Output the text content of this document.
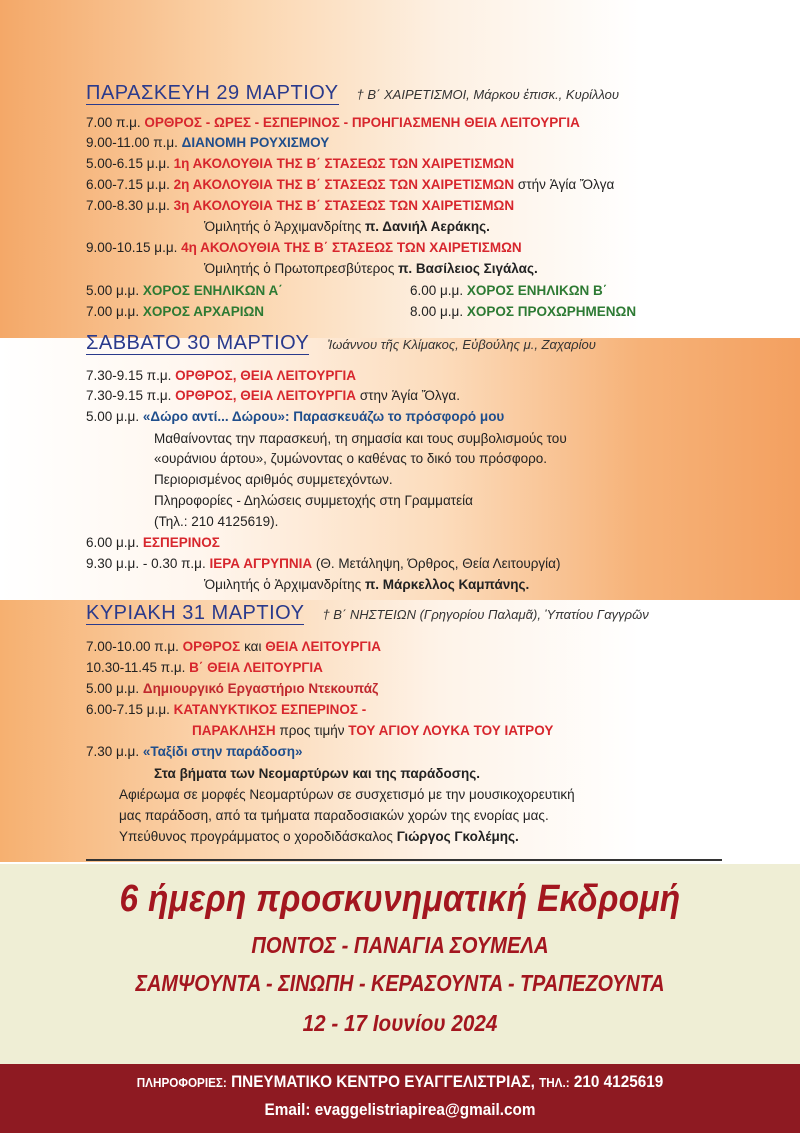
ΠΑΡΑΣΚΕΥΗ 29 ΜΑΡΤΙΟΥ † Β΄ ΧΑΙΡΕΤΙΣΜΟΙ, Μάρκου ἐπισκ., Κυρίλλου
7.00 π.μ. ΟΡΘΡΟΣ - ΩΡΕΣ - ΕΣΠΕΡΙΝΟΣ - ΠΡΟΗΓΙΑΣΜΕΝΗ ΘΕΙΑ ΛΕΙΤΟΥΡΓΙΑ
9.00-11.00 π.μ. ΔΙΑΝΟΜΗ ΡΟΥΧΙΣΜΟΥ
5.00-6.15 μ.μ. 1η ΑΚΟΛΟΥΘΙΑ ΤΗΣ Β΄ ΣΤΑΣΕΩΣ ΤΩΝ ΧΑΙΡΕΤΙΣΜΩΝ
6.00-7.15 μ.μ. 2η ΑΚΟΛΟΥΘΙΑ ΤΗΣ Β΄ ΣΤΑΣΕΩΣ ΤΩΝ ΧΑΙΡΕΤΙΣΜΩΝ στήν Ἁγία Ὄλγα
7.00-8.30 μ.μ. 3η ΑΚΟΛΟΥΘΙΑ ΤΗΣ Β΄ ΣΤΑΣΕΩΣ ΤΩΝ ΧΑΙΡΕΤΙΣΜΩΝ
Ὁμιλητής ὁ Ἀρχιμανδρίτης π. Δανιήλ Αεράκης.
9.00-10.15 μ.μ. 4η ΑΚΟΛΟΥΘΙΑ ΤΗΣ Β΄ ΣΤΑΣΕΩΣ ΤΩΝ ΧΑΙΡΕΤΙΣΜΩΝ
Ὁμιλητής ὁ Πρωτοπρεσβύτερος π. Βασίλειος Σιγάλας.
5.00 μ.μ. ΧΟΡΟΣ ΕΝΗΛΙΚΩΝ Α΄	6.00 μ.μ. ΧΟΡΟΣ ΕΝΗΛΙΚΩΝ Β΄
7.00 μ.μ. ΧΟΡΟΣ ΑΡΧΑΡΙΩΝ	8.00 μ.μ. ΧΟΡΟΣ ΠΡΟΧΩΡΗΜΕΝΩΝ
ΣΑΒΒΑΤΟ 30 ΜΑΡΤΙΟΥ Ἰωάννου τῆς Κλίμακος, Εὐβούλης μ., Ζαχαρίου
7.30-9.15 π.μ. ΟΡΘΡΟΣ, ΘΕΙΑ ΛΕΙΤΟΥΡΓΙΑ
7.30-9.15 π.μ. ΟΡΘΡΟΣ, ΘΕΙΑ ΛΕΙΤΟΥΡΓΙΑ στην Ἁγία Ὄλγα.
5.00 μ.μ. «Δώρο αντί... Δώρου»: Παρασκευάζω το πρόσφορό μου
Μαθαίνοντας την παρασκευή, τη σημασία και τους συμβολισμούς του
«ουράνιου άρτου», ζυμώνοντας ο καθένας το δικό του πρόσφορο.
Περιορισμένος αριθμός συμμετεχόντων.
Πληροφορίες - Δηλώσεις συμμετοχής στη Γραμματεία
(Τηλ.: 210 4125619).
6.00 μ.μ. ΕΣΠΕΡΙΝΟΣ
9.30 μ.μ. - 0.30 π.μ. ΙΕΡΑ ΑΓΡΥΠΝΙΑ (Θ. Μετάληψη, Όρθρος, Θεία Λειτουργία)
Ὁμιλητής ὁ Ἀρχιμανδρίτης π. Μάρκελλος Καμπάνης.
ΚΥΡΙΑΚΗ 31 ΜΑΡΤΙΟΥ † Β΄ ΝΗΣΤΕΙΩΝ (Γρηγορίου Παλαμᾶ), Ὑπατίου Γαγγρῶν
7.00-10.00 π.μ. ΟΡΘΡΟΣ και ΘΕΙΑ ΛΕΙΤΟΥΡΓΙΑ
10.30-11.45 π.μ. Β΄ ΘΕΙΑ ΛΕΙΤΟΥΡΓΙΑ
5.00 μ.μ. Δημιουργικό Εργαστήριο Ντεκουπάζ
6.00-7.15 μ.μ. ΚΑΤΑΝΥΚΤΙΚΟΣ ΕΣΠΕΡΙΝΟΣ -
ΠΑΡΑΚΛΗΣΗ προς τιμήν ΤΟΥ ΑΓΙΟΥ ΛΟΥΚΑ ΤΟΥ ΙΑΤΡΟΥ
7.30 μ.μ. «Ταξίδι στην παράδοση»
Στα βήματα των Νεομαρτύρων και της παράδοσης.
Αφιέρωμα σε μορφές Νεομαρτύρων σε συσχετισμό με την μουσικοχορευτική
μας παράδοση, από τα τμήματα παραδοσιακών χορών της ενορίας μας.
Υπεύθυνος προγράμματος ο χοροδιδάσκαλος Γιώργος Γκολέμης.
6 ήμερη προσκυνηματική Εκδρομή
ΠΟΝΤΟΣ - ΠΑΝΑΓΙΑ ΣΟΥΜΕΛΑ
ΣΑΜΨΟΥΝΤΑ - ΣΙΝΩΠΗ - ΚΕΡΑΣΟΥΝΤΑ - ΤΡΑΠΕΖΟΥΝΤΑ
12 - 17 Ιουνίου 2024
ΠΛΗΡΟΦΟΡΙΕΣ: ΠΝΕΥΜΑΤΙΚΟ ΚΕΝΤΡΟ ΕΥΑΓΓΕΛΙΣΤΡΙΑΣ, ΤΗΛ.: 210 4125619
Email: evaggelistriapirea@gmail.com
